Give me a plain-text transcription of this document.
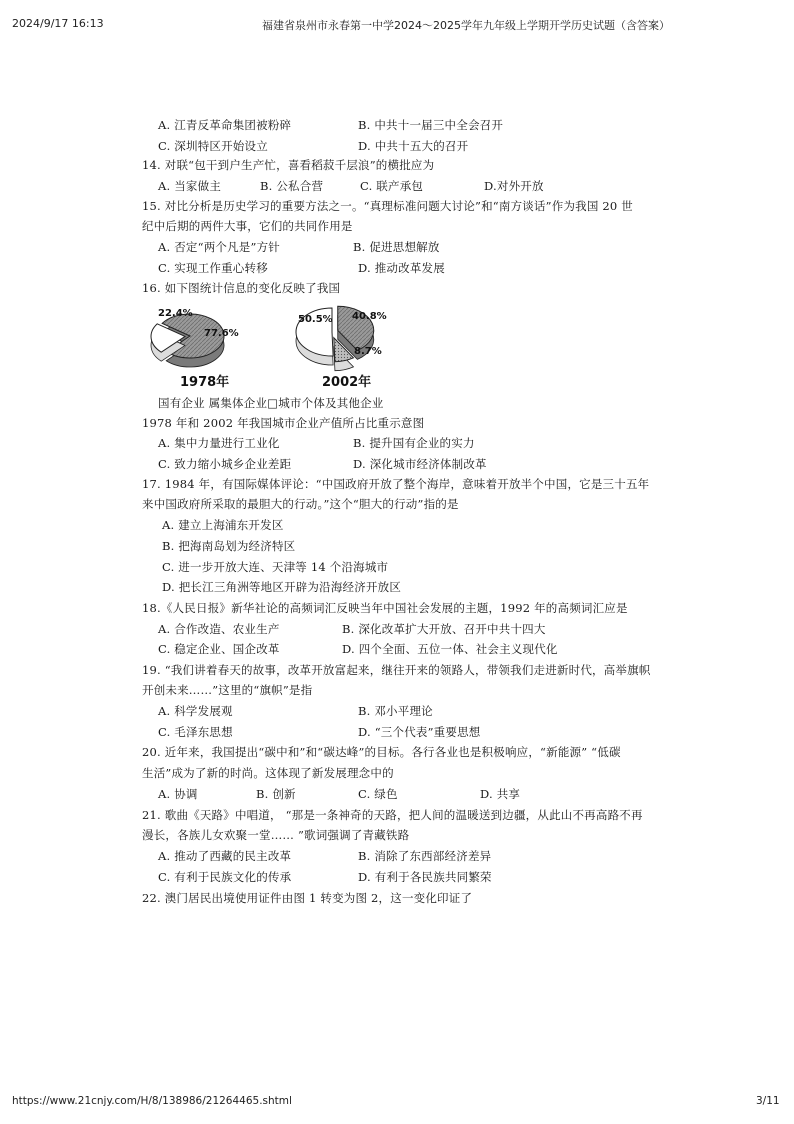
2024/9/17 16:13	福建省泉州市永春第一中学2024～2025学年九年级上学期开学历史试题（含答案）
A. 江青反革命集团被粉碎	B. 中共十一届三中全会召开
C. 深圳特区开始设立	D. 中共十五大的召开
14. 对联“包干到户生产忙，喜看稻菽千层浪”的横批应为
A. 当家做主	B. 公私合营	C. 联产承包	D.对外开放
15. 对比分析是历史学习的重要方法之一。“真理标准问题大讨论”和“南方谈话”作为我国 20 世
纪中后期的两件大事，它们的共同作用是
A. 否定“两个凡是”方针	B. 促进思想解放
C. 实现工作重心转移	D. 推动改革发展
16. 如下图统计信息的变化反映了我国
77.6%
22.4%	40.8%
8.7%
50.5%
1978年	2002年
国有企业 属集体企业□城市个体及其他企业
1978 年和 2002 年我国城市企业产值所占比重示意图
A. 集中力量进行工业化	B. 提升国有企业的实力
C. 致力缩小城乡企业差距	D. 深化城市经济体制改革
17. 1984 年，有国际媒体评论：“中国政府开放了整个海岸，意味着开放半个中国，它是三十五年
来中国政府所采取的最胆大的行动。”这个“胆大的行动”指的是
A. 建立上海浦东开发区
B. 把海南岛划为经济特区
C. 进一步开放大连、天津等 14 个沿海城市
D. 把长江三角洲等地区开辟为沿海经济开放区
18.《人民日报》新华社论的高频词汇反映当年中国社会发展的主题，1992 年的高频词汇应是
A. 合作改造、农业生产	B. 深化改革扩大开放、召开中共十四大
C. 稳定企业、国企改革	D. 四个全面、五位一体、社会主义现代化
19. “我们讲着春天的故事，改革开放富起来，继往开来的领路人，带领我们走进新时代，高举旗帜
开创未来……”这里的“旗帜”是指
A. 科学发展观	B. 邓小平理论
C. 毛泽东思想	D. “三个代表”重要思想
20. 近年来，我国提出“碳中和”和“碳达峰”的目标。各行各业也是积极响应，“新能源” “低碳
生活”成为了新的时尚。这体现了新发展理念中的
A. 协调	B. 创新	C. 绿色	D. 共享
21. 歌曲《天路》中唱道， “那是一条神奇的天路，把人间的温暖送到边疆，从此山不再高路不再
漫长，各族儿女欢聚一堂…… ”歌词强调了青藏铁路
A. 推动了西藏的民主改革	B. 消除了东西部经济差异
C. 有利于民族文化的传承	D. 有利于各民族共同繁荣
22. 澳门居民出境使用证件由图 1 转变为图 2，这一变化印证了
https://www.21cnjy.com/H/8/138986/21264465.shtml	3/11
